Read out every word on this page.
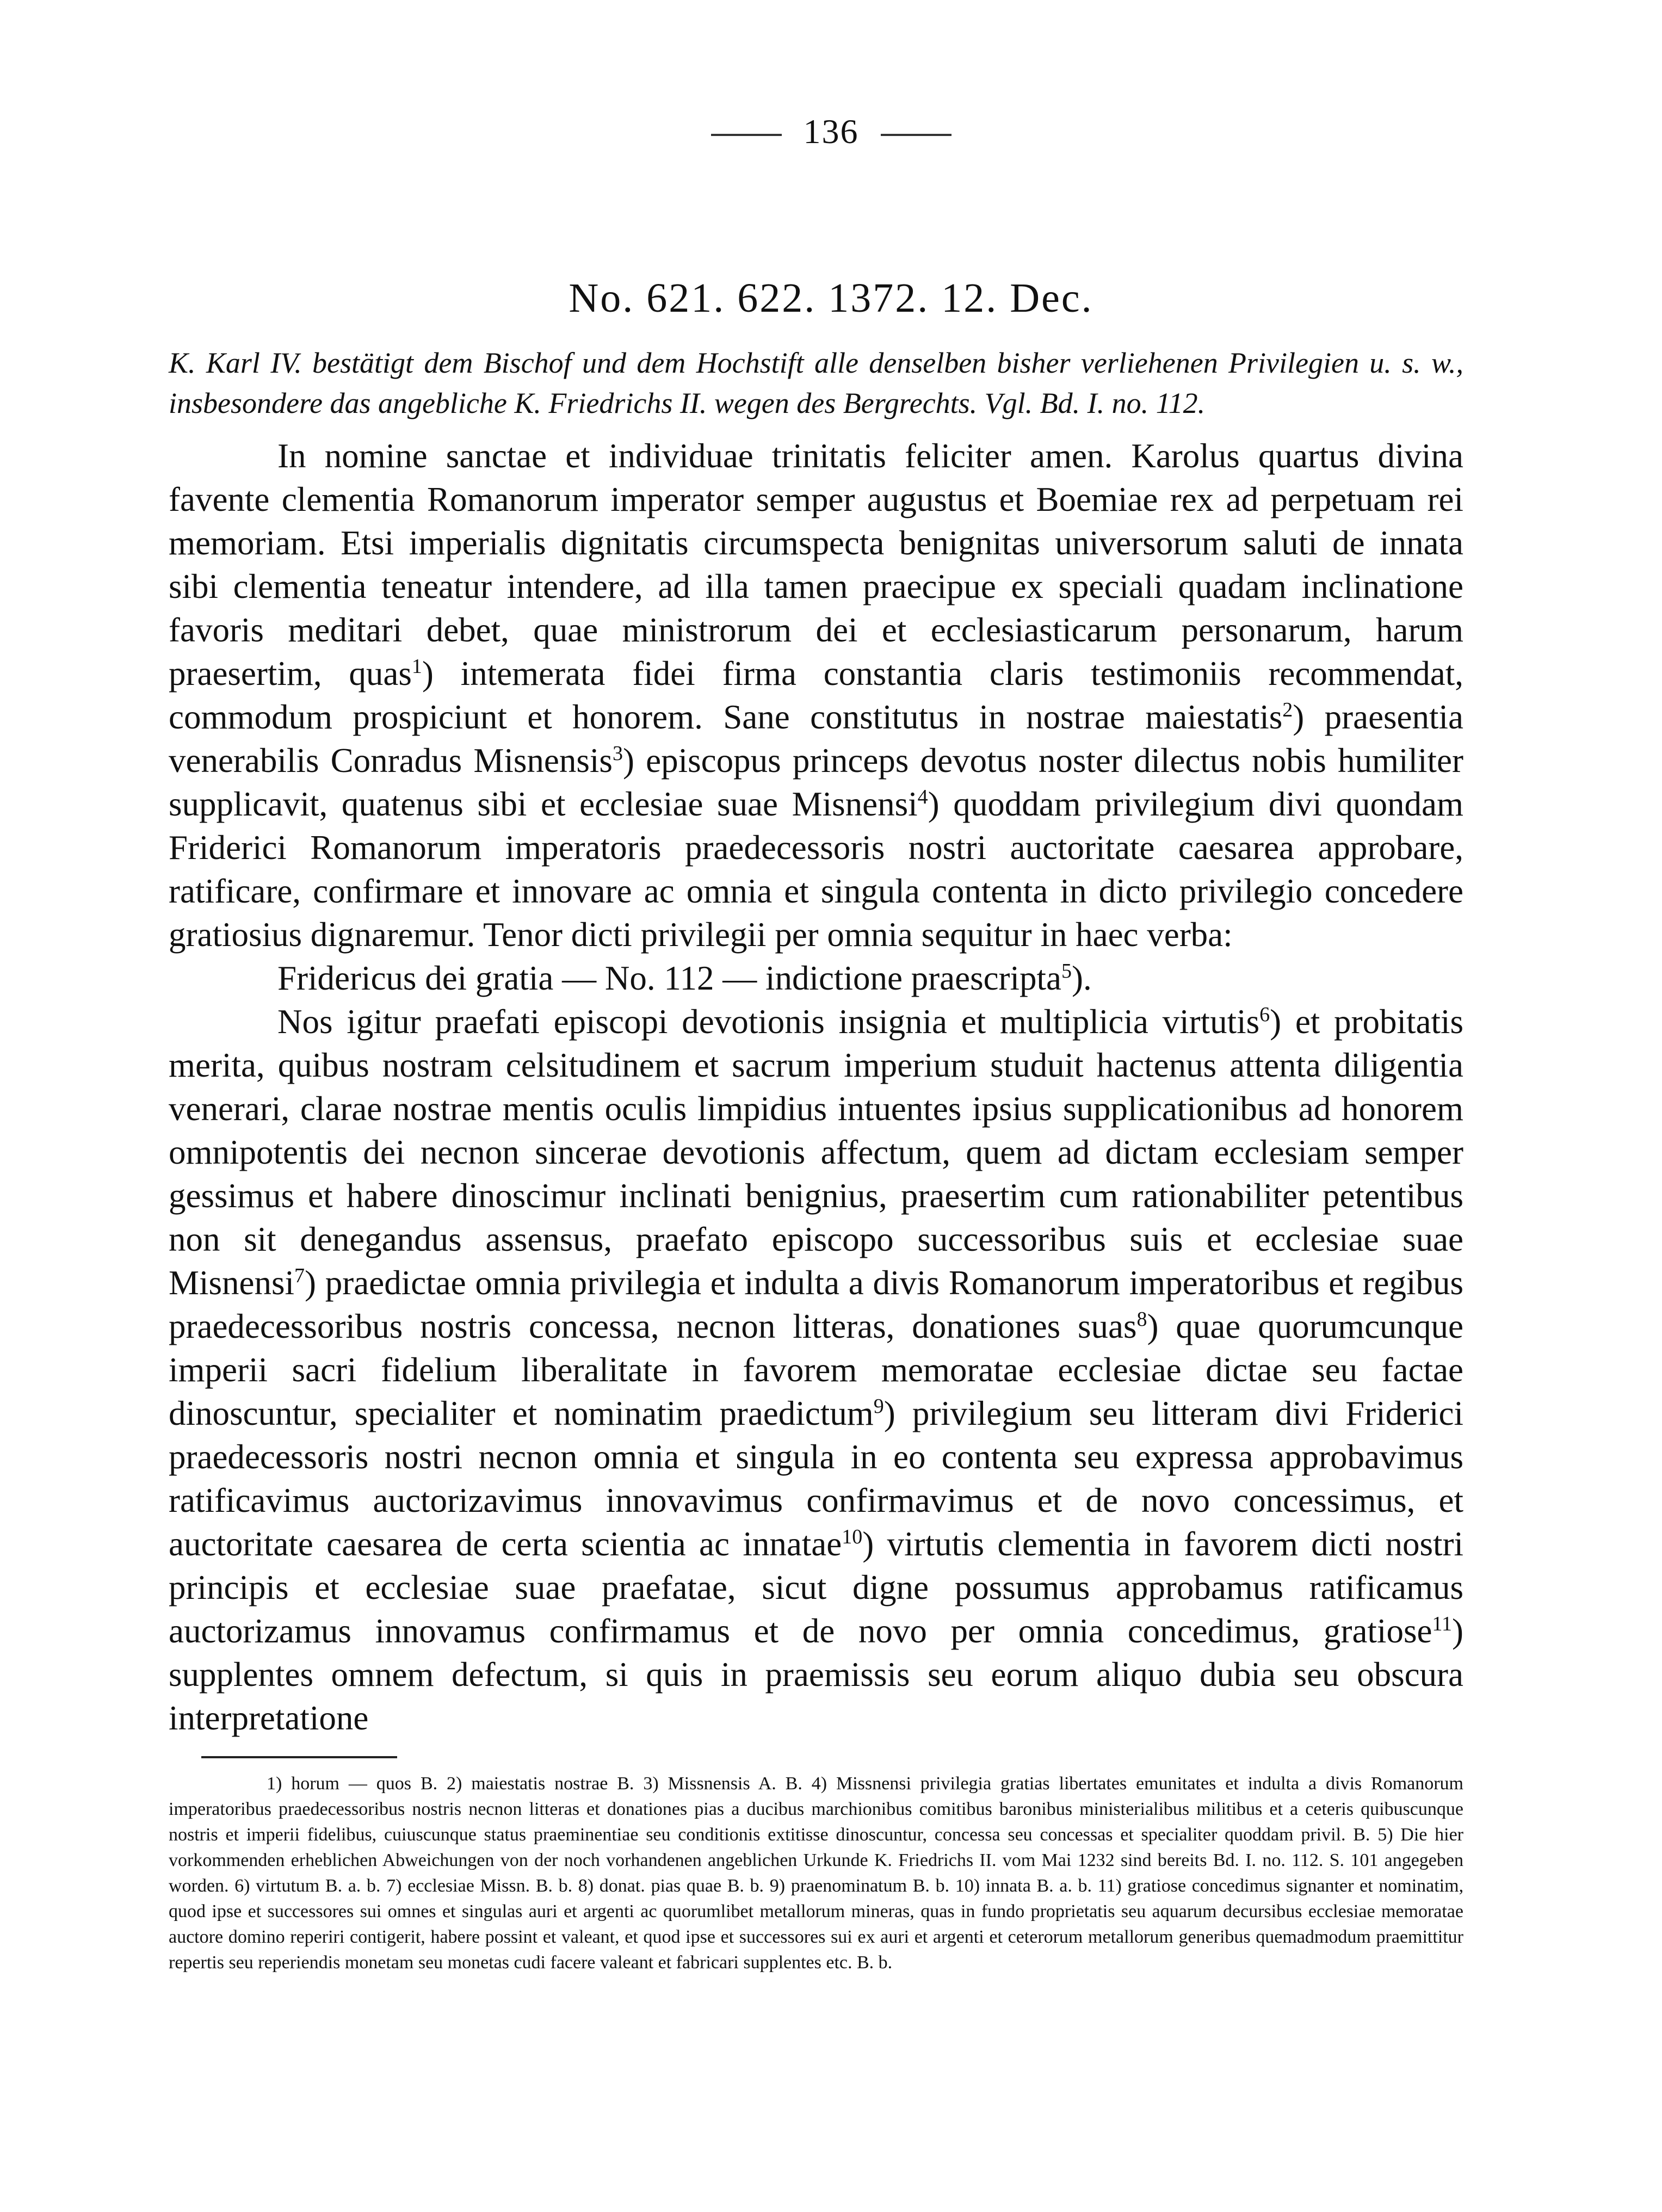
136
No. 621. 622. 1372. 12. Dec.
K. Karl IV. bestätigt dem Bischof und dem Hochstift alle denselben bisher verliehenen Privilegien u. s. w., insbesondere das angebliche K. Friedrichs II. wegen des Bergrechts. Vgl. Bd. I. no. 112.

In nomine sanctae et individuae trinitatis feliciter amen. Karolus quartus divina favente clementia Romanorum imperator semper augustus et Boemiae rex ad perpetuam rei memoriam. Etsi imperialis dignitatis circumspecta benignitas universorum saluti de innata sibi clementia teneatur intendere, ad illa tamen praecipue ex speciali quadam inclinatione favoris meditari debet, quae ministrorum dei et ecclesiasticarum personarum, harum praesertim, quas$^1$) intemerata fidei firma constantia claris testimoniis recommendat, commodum prospiciunt et honorem. Sane constitutus in nostrae maiestatis$^2$) praesentia venerabilis Conradus Misnensis$^3$) episcopus princeps devotus noster dilectus nobis humiliter supplicavit, quatenus sibi et ecclesiae suae Misnensi$^4$) quoddam privilegium divi quondam Friderici Romanorum imperatoris praedecessoris nostri auctoritate caesarea approbare, ratificare, confirmare et innovare ac omnia et singula contenta in dicto privilegio concedere gratiosius dignaremur. Tenor dicti privilegii per omnia sequitur in haec verba:

Fridericus dei gratia — No. 112 — indictione praescripta$^5$).

Nos igitur praefati episcopi devotionis insignia et multiplicia virtutis$^6$) et probitatis merita, quibus nostram celsitudinem et sacrum imperium studuit hactenus attenta diligentia venerari, clarae nostrae mentis oculis limpidius intuentes ipsius supplicationibus ad honorem omnipotentis dei necnon sincerae devotionis affectum, quem ad dictam ecclesiam semper gessimus et habere dinoscimur inclinati benignius, praesertim cum rationabiliter petentibus non sit denegandus assensus, praefato episcopo successoribus suis et ecclesiae suae Misnensi$^7$) praedictae omnia privilegia et indulta a divis Romanorum imperatoribus et regibus praedecessoribus nostris concessa, necnon litteras, donationes suas$^8$) quae quorumcunque imperii sacri fidelium liberalitate in favorem memoratae ecclesiae dictae seu factae dinoscuntur, specialiter et nominatim praedictum$^9$) privilegium seu litteram divi Friderici praedecessoris nostri necnon omnia et singula in eo contenta seu expressa approbavimus ratificavimus auctorizavimus innovavimus confirmavimus et de novo concessimus, et auctoritate caesarea de certa scientia ac innatae$^{10}$) virtutis clementia in favorem dicti nostri principis et ecclesiae suae praefatae, sicut digne possumus approbamus ratificamus auctorizamus innovamus confirmamus et de novo per omnia concedimus, gratiose$^{11}$) supplentes omnem defectum, si quis in praemissis seu eorum aliquo dubia seu obscura interpretatione

1) horum — quos B. 2) maiestatis nostrae B. 3) Missnensis A. B. 4) Missnensi privilegia gratias libertates emunitates et indulta a divis Romanorum imperatoribus praedecessoribus nostris necnon litteras et donationes pias a ducibus marchionibus comitibus baronibus ministerialibus militibus et a ceteris quibuscunque nostris et imperii fidelibus, cuiuscunque status praeminentiae seu conditionis extitisse dinoscuntur, concessa seu concessas et specialiter quoddam privil. B. 5) Die hier vorkommenden erheblichen Abweichungen von der noch vorhandenen angeblichen Urkunde K. Friedrichs II. vom Mai 1232 sind bereits Bd. I. no. 112. S. 101 angegeben worden. 6) virtutum B. a. b. 7) ecclesiae Missn. B. b. 8) donat. pias quae B. b. 9) praenominatum B. b. 10) innata B. a. b. 11) gratiose concedimus signanter et nominatim, quod ipse et successores sui omnes et singulas auri et argenti ac quorumlibet metallorum mineras, quas in fundo proprietatis seu aquarum decursibus ecclesiae memoratae auctore domino reperiri contigerit, habere possint et valeant, et quod ipse et successores sui ex auri et argenti et ceterorum metallorum generibus quemadmodum praemittitur repertis seu reperiendis monetam seu monetas cudi facere valeant et fabricari supplentes etc. B. b.
